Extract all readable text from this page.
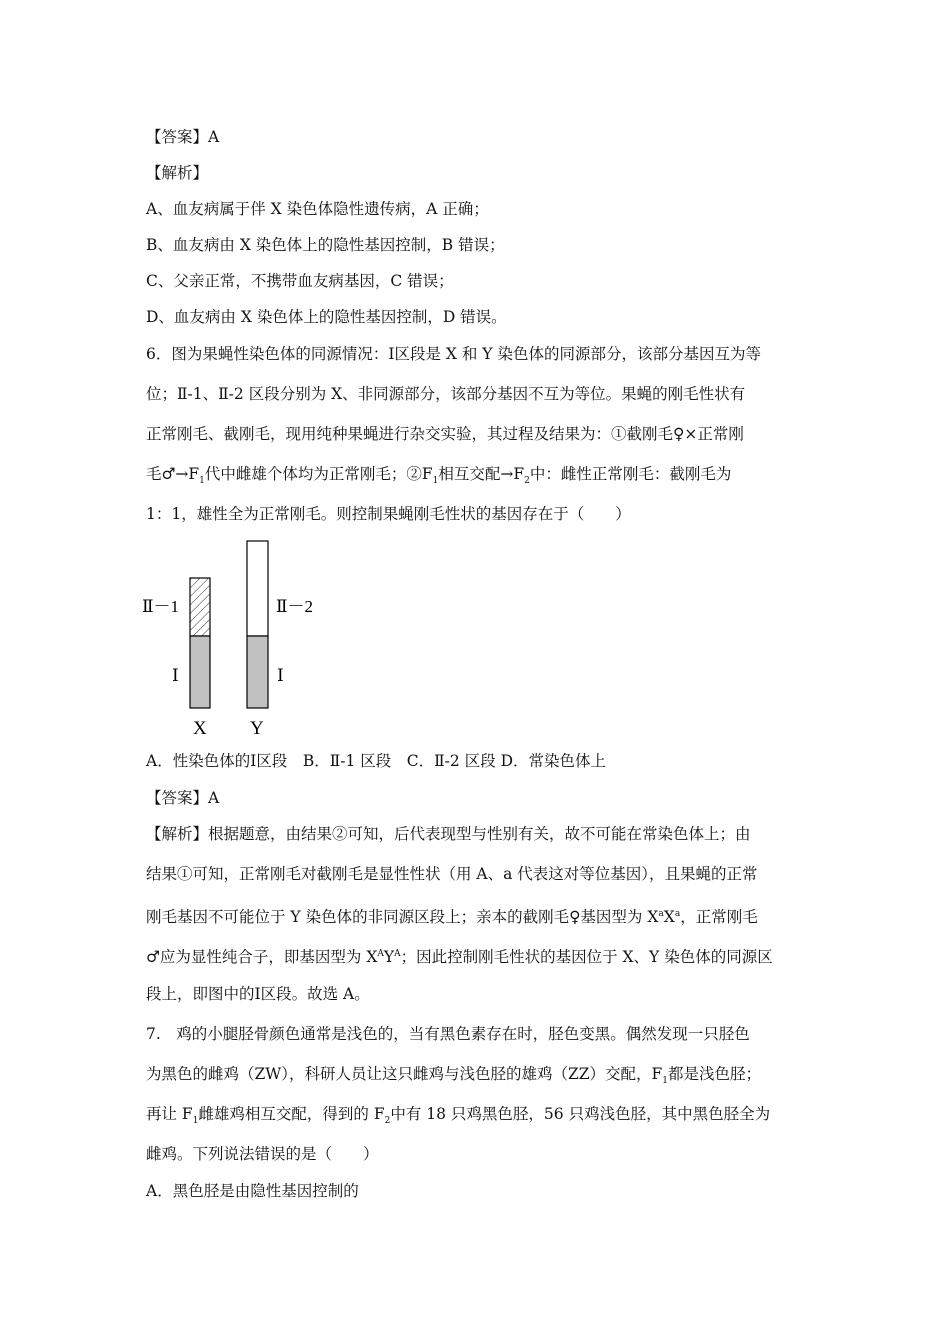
【答案】A
【解析】
A、血友病属于伴 X 染色体隐性遗传病，A 正确；
B、血友病由 X 染色体上的隐性基因控制，B 错误；
C、父亲正常，不携带血友病基因，C 错误；
D、血友病由 X 染色体上的隐性基因控制，D 错误。
6．图为果蝇性染色体的同源情况：Ⅰ区段是 X 和 Y 染色体的同源部分，该部分基因互为等
位；Ⅱ-1、Ⅱ-2 区段分别为 X、非同源部分，该部分基因不互为等位。果蝇的刚毛性状有
正常刚毛、截刚毛，现用纯种果蝇进行杂交实验，其过程及结果为：①截刚毛♀×正常刚
毛$♂\to F_1$代中雌雄个体均为正常刚毛；$②F_1$相互交配$\to F_2$中：雌性正常刚毛：截刚毛为
1：1，雄性全为正常刚毛。则控制果蝇刚毛性状的基因存在于（　　）
Ⅱ－1	Ⅱ－2
Ⅰ	Ⅰ
X Y
A．性染色体的Ⅰ区段　B．Ⅱ-1 区段　C．Ⅱ-2 区段 D．常染色体上
【答案】A
【解析】根据题意，由结果②可知，后代表现型与性别有关，故不可能在常染色体上；由
结果①可知，正常刚毛对截刚毛是显性性状（用 A、a 代表这对等位基因），且果蝇的正常
刚毛基因不可能位于 Y 染色体的非同源区段上；亲本的截刚毛♀基因型为 $X^aX^a$，正常刚毛
♂应为显性纯合子，即基因型为 $X^AY^A$；因此控制刚毛性状的基因位于 X、Y 染色体的同源区
段上，即图中的Ⅰ区段。故选 A。
7.　鸡的小腿胫骨颜色通常是浅色的，当有黑色素存在时，胫色变黑。偶然发现一只胫色
为黑色的雌鸡（ZW），科研人员让这只雌鸡与浅色胫的雄鸡（ZZ）交配，$F_1$都是浅色胫；
再让 $F_1$雌雄鸡相互交配，得到的 $F_2$中有 18 只鸡黑色胫，56 只鸡浅色胫，其中黑色胫全为
雌鸡。下列说法错误的是（　　）
A．黑色胫是由隐性基因控制的
